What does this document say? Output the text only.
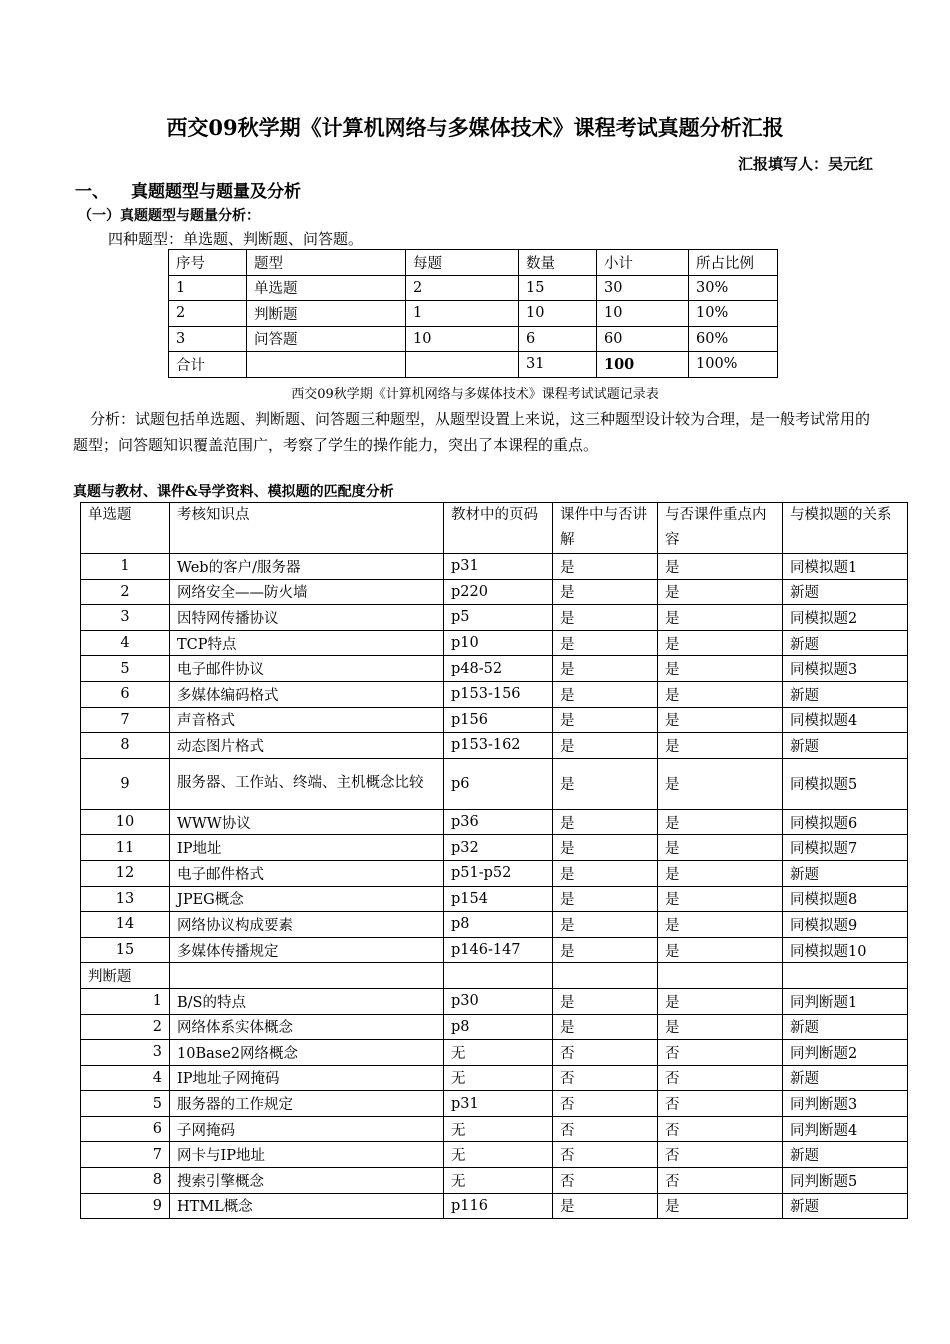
西交09秋学期《计算机网络与多媒体技术》课程考试真题分析汇报
汇报填写人：吴元红
一、 真题题型与题量及分析
（一）真题题型与题量分析：
四种题型：单选题、判断题、问答题。
序号	题型	每题	数量	小计	所占比例
1	单选题	2	15	30	30%
2	判断题	1	10	10	10%
3	问答题	10	6	60	60%
合计			31	100	100%
西交09秋学期《计算机网络与多媒体技术》课程考试试题记录表
分析：试题包括单选题、判断题、问答题三种题型，从题型设置上来说，这三种题型设计较为合理，是一般考试常用的题型；问答题知识覆盖范围广，考察了学生的操作能力，突出了本课程的重点。
真题与教材、课件&导学资料、模拟题的匹配度分析
单选题	考核知识点	教材中的页码	课件中与否讲解	与否课件重点内容	与模拟题的关系
1	Web的客户/服务器	p31	是	是	同模拟题1
2	网络安全——防火墙	p220	是	是	新题
3	因特网传播协议	p5	是	是	同模拟题2
4	TCP特点	p10	是	是	新题
5	电子邮件协议	p48-52	是	是	同模拟题3
6	多媒体编码格式	p153-156	是	是	新题
7	声音格式	p156	是	是	同模拟题4
8	动态图片格式	p153-162	是	是	新题
9	服务器、工作站、终端、主机概念比较	p6	是	是	同模拟题5
10	WWW协议	p36	是	是	同模拟题6
11	IP地址	p32	是	是	同模拟题7
12	电子邮件格式	p51-p52	是	是	新题
13	JPEG概念	p154	是	是	同模拟题8
14	网络协议构成要素	p8	是	是	同模拟题9
15	多媒体传播规定	p146-147	是	是	同模拟题10
判断题					
1	B/S的特点	p30	是	是	同判断题1
2	网络体系实体概念	p8	是	是	新题
3	10Base2网络概念	无	否	否	同判断题2
4	IP地址子网掩码	无	否	否	新题
5	服务器的工作规定	p31	否	否	同判断题3
6	子网掩码	无	否	否	同判断题4
7	网卡与IP地址	无	否	否	新题
8	搜索引擎概念	无	否	否	同判断题5
9	HTML概念	p116	是	是	新题
